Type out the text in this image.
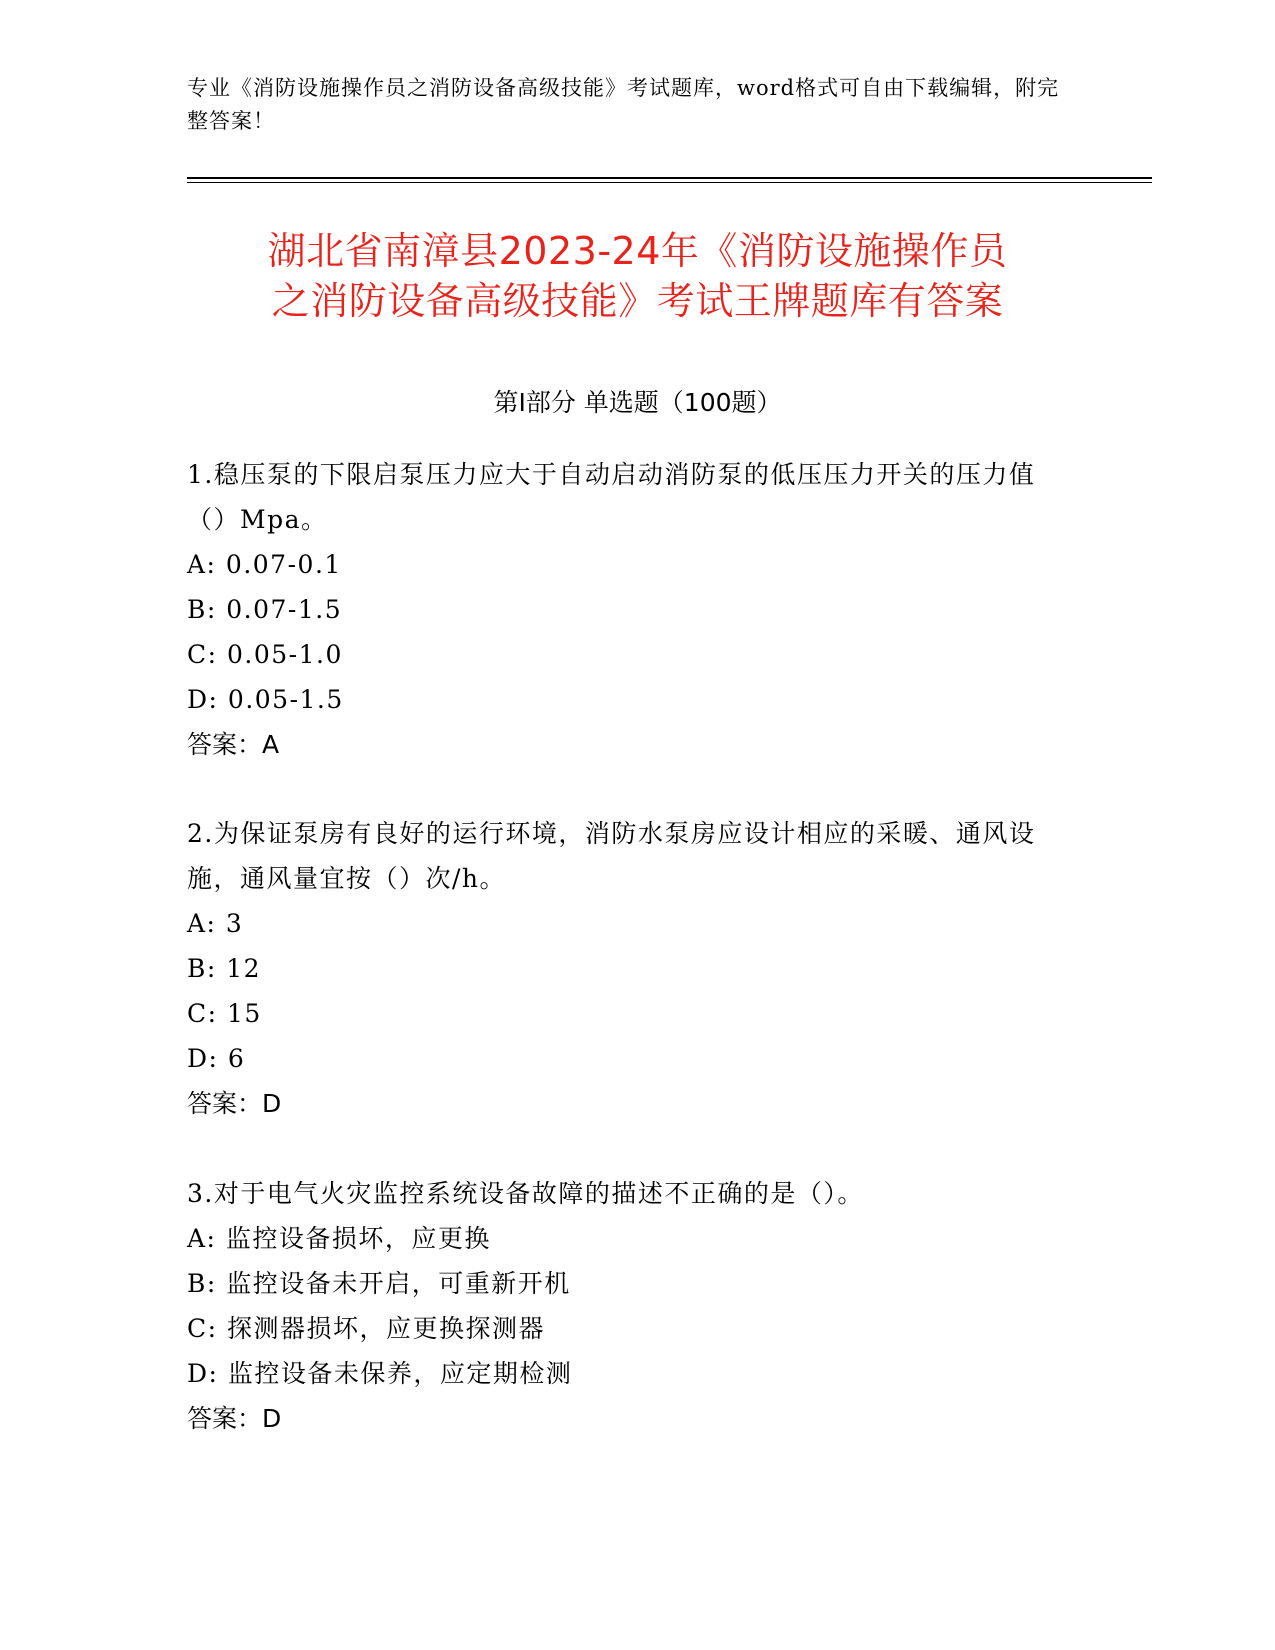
专业《消防设施操作员之消防设备高级技能》考试题库，word格式可自由下载编辑，附完整答案！
湖北省南漳县2023-24年《消防设施操作员
之消防设备高级技能》考试王牌题库有答案
第I部分 单选题（100题）

1.稳压泵的下限启泵压力应大于自动启动消防泵的低压压力开关的压力值（）Mpa。

A: 0.07-0.1

B: 0.07-1.5

C: 0.05-1.0

D: 0.05-1.5

答案：A

2.为保证泵房有良好的运行环境，消防水泵房应设计相应的采暖、通风设施，通风量宜按（）次/h。

A: 3

B: 12

C: 15

D: 6

答案：D

3.对于电气火灾监控系统设备故障的描述不正确的是（）。

A: 监控设备损坏，应更换

B: 监控设备未开启，可重新开机

C: 探测器损坏，应更换探测器

D: 监控设备未保养，应定期检测

答案：D
